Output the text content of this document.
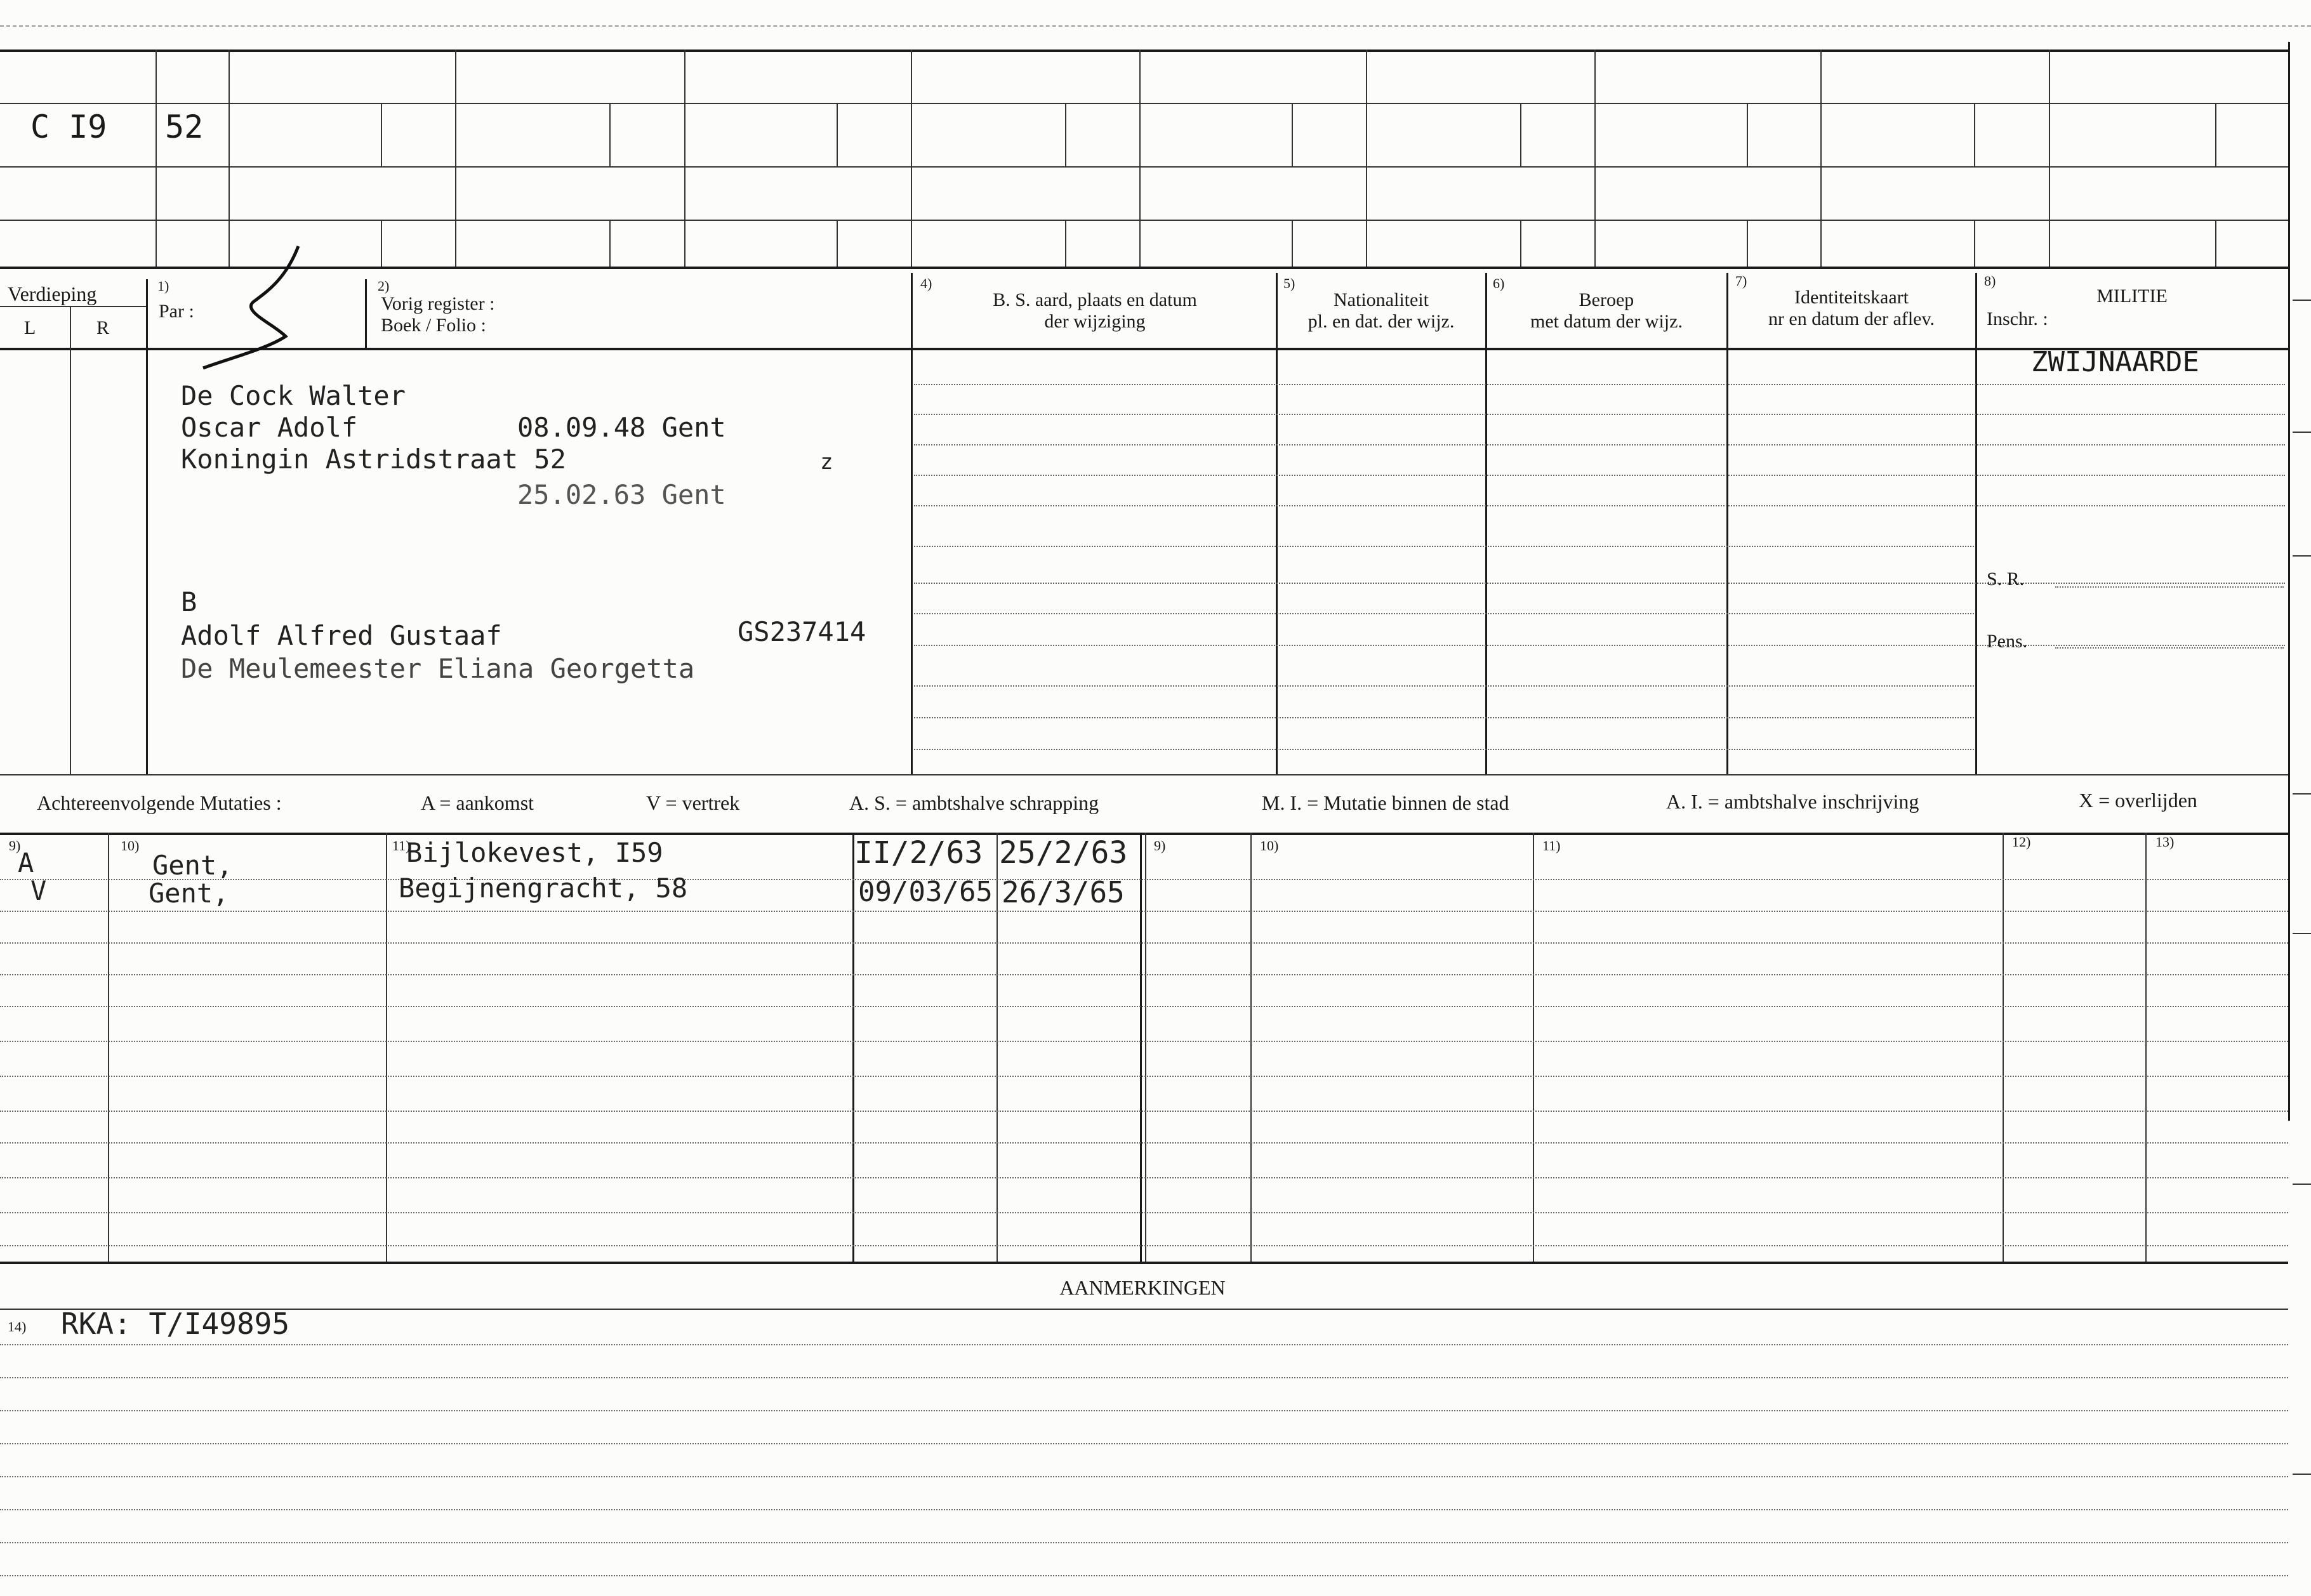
C I9 52
Verdieping
L	R
1)
Par :
2)
Vorig register :
Boek / Folio :
4)
B. S. aard, plaats en datum
der wijziging
5)
Nationaliteit
pl. en dat. der wijz.
6)
Beroep
met datum der wijz.
7)
Identiteitskaart
nr en datum der aflev.
8)
MILITIE
Inschr. :
De Cock Walter
Oscar Adolf	08.09.48 Gent
Koningin Astridstraat 52	z
25.02.63 Gent
B
Adolf Alfred Gustaaf	GS237414
De Meulemeester Eliana Georgetta
ZWIJNAARDE
S. R.
Pens.
Achtereenvolgende Mutaties :	A = aankomst	V = vertrek	A. S. = ambtshalve schrapping	M. I. = Mutatie binnen de stad	A. I. = ambtshalve inschrijving	X = overlijden
9)	10)	11)	9)	10)	11)	12)	13)
A	Gent,	Bijlokevest, I59	II/2/63 25/2/63
V	Gent,	Begijnengracht, 58	09/03/65 26/3/65
AANMERKINGEN
14) RKA: T/I49895
